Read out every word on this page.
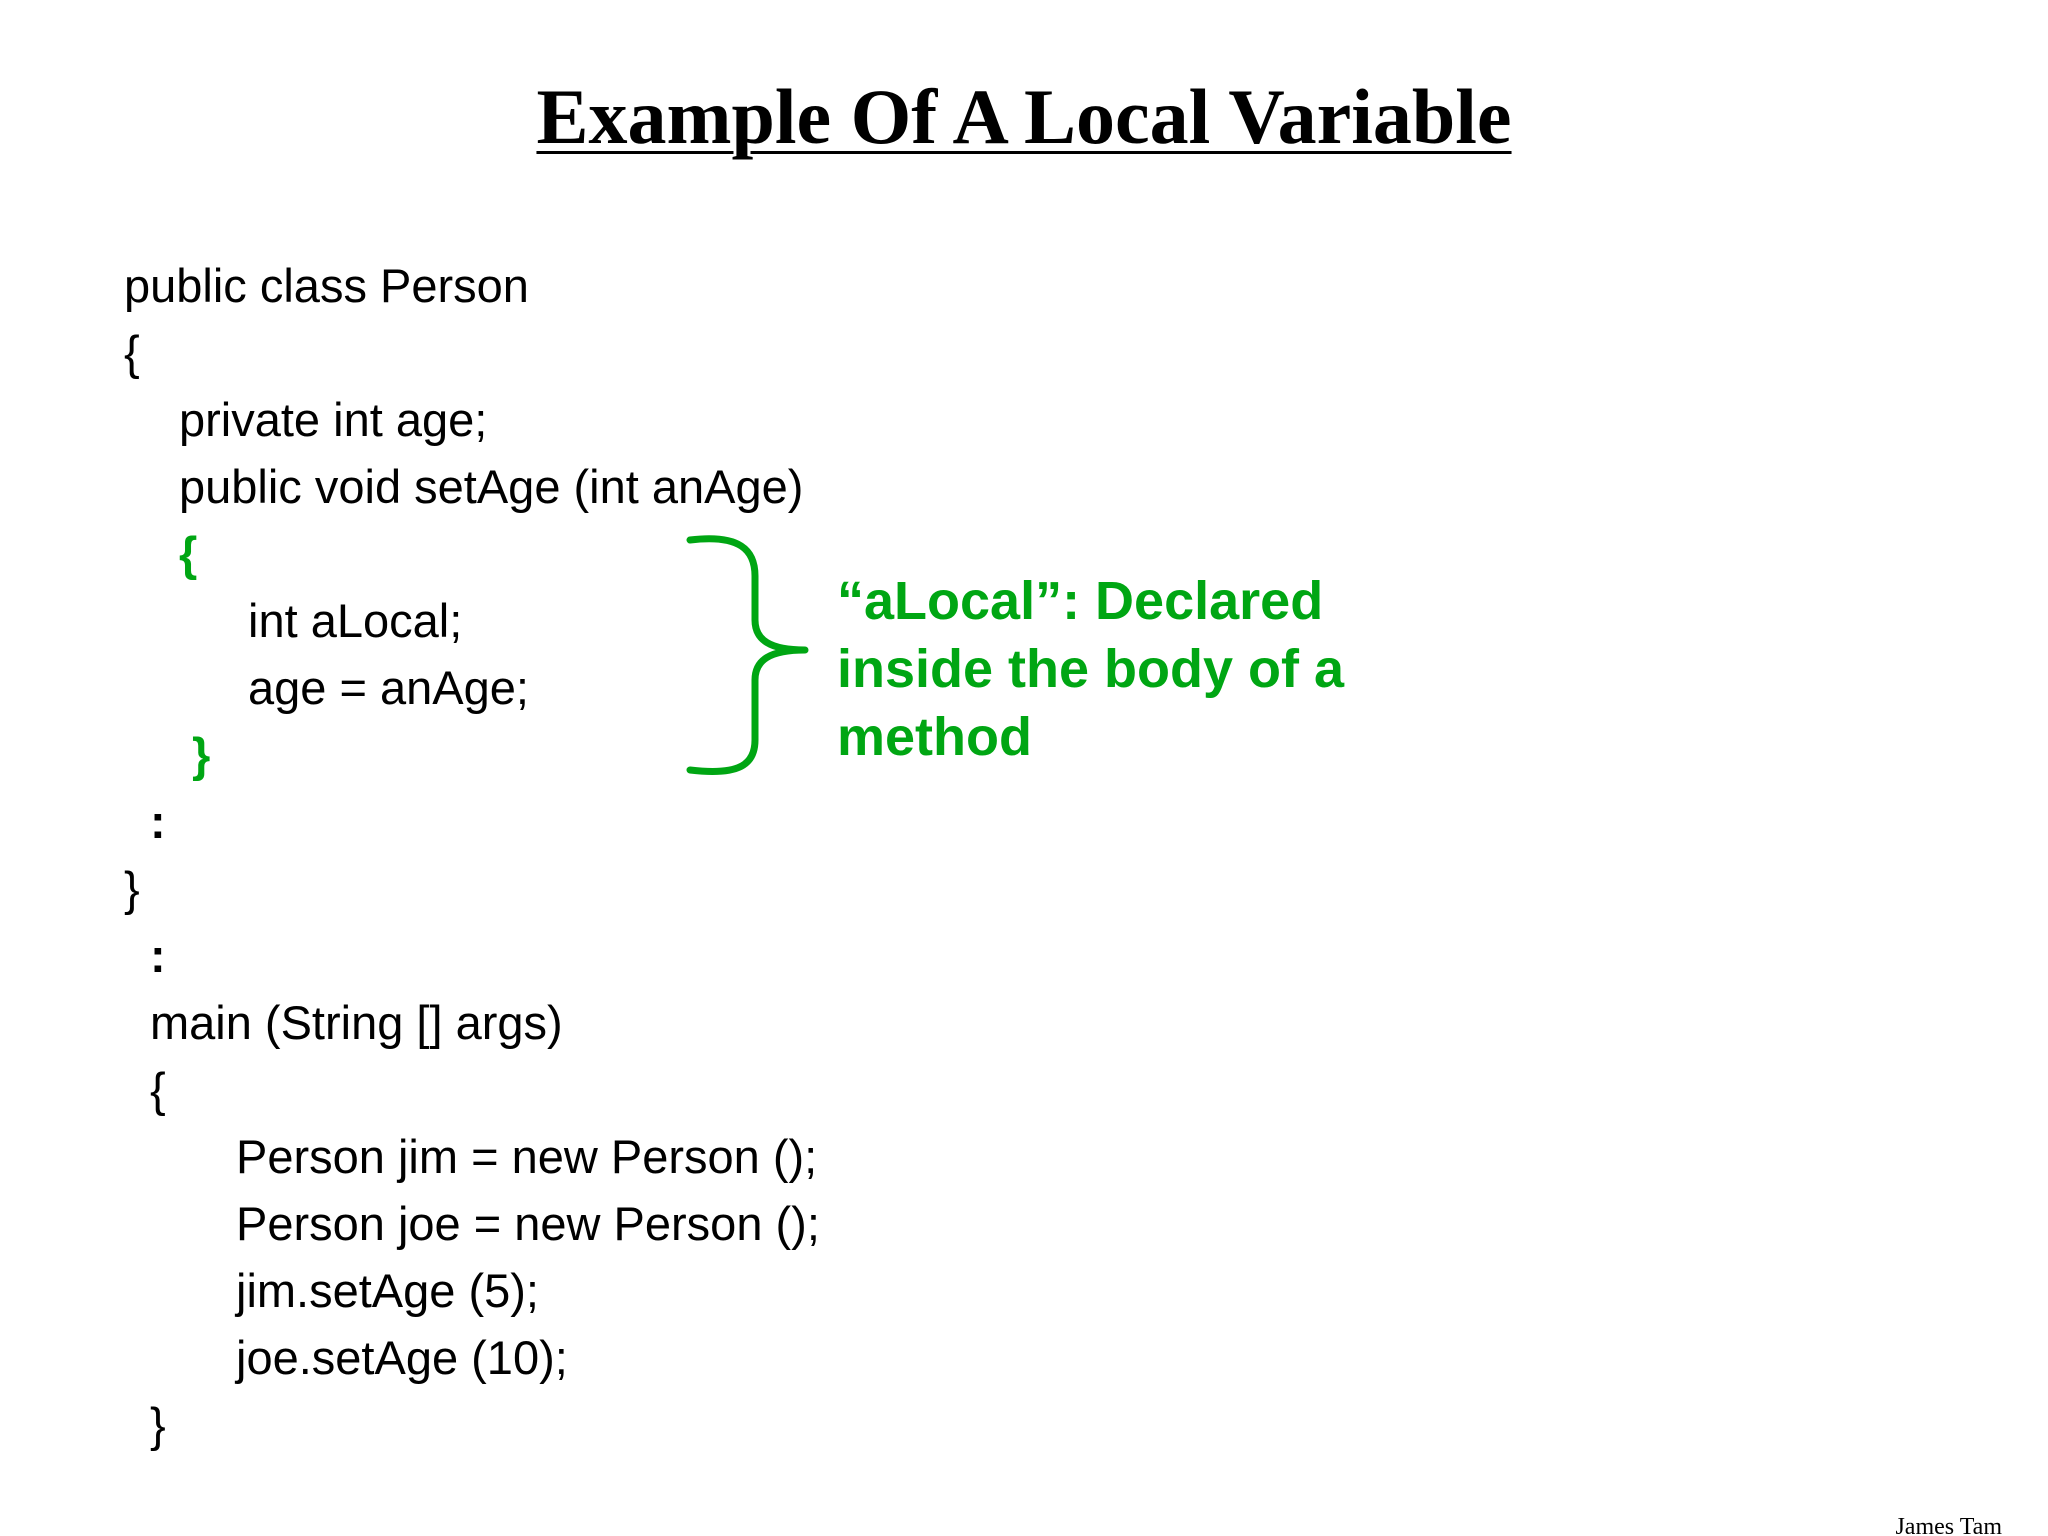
Example Of A Local Variable
public class Person
{
private int age;
public void setAge (int anAge)
{
int aLocal;
age = anAge;
}
:
}
:
main (String [] args)
{
Person jim = new Person ();
Person joe = new Person ();
jim.setAge (5);
joe.setAge (10);
}
“aLocal”: Declared
inside the body of a
method
James Tam
